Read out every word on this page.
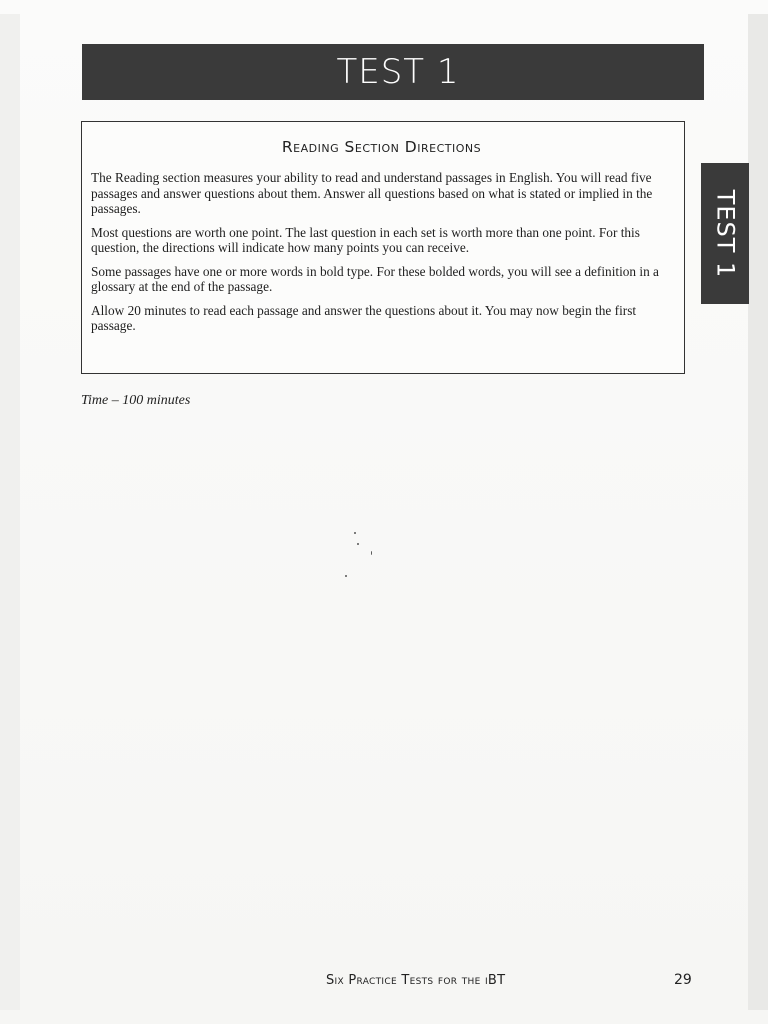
TEST 1
TEST 1
Reading Section Directions

The Reading section measures your ability to read and understand passages in English. You will read five passages and answer questions about them. Answer all questions based on what is stated or implied in the passages.

Most questions are worth one point. The last question in each set is worth more than one point. For this question, the directions will indicate how many points you can receive.

Some passages have one or more words in bold type. For these bolded words, you will see a definition in a glossary at the end of the passage.

Allow 20 minutes to read each passage and answer the questions about it. You may now begin the first passage.

Time – 100 minutes
Six Practice Tests for the iBT	29
